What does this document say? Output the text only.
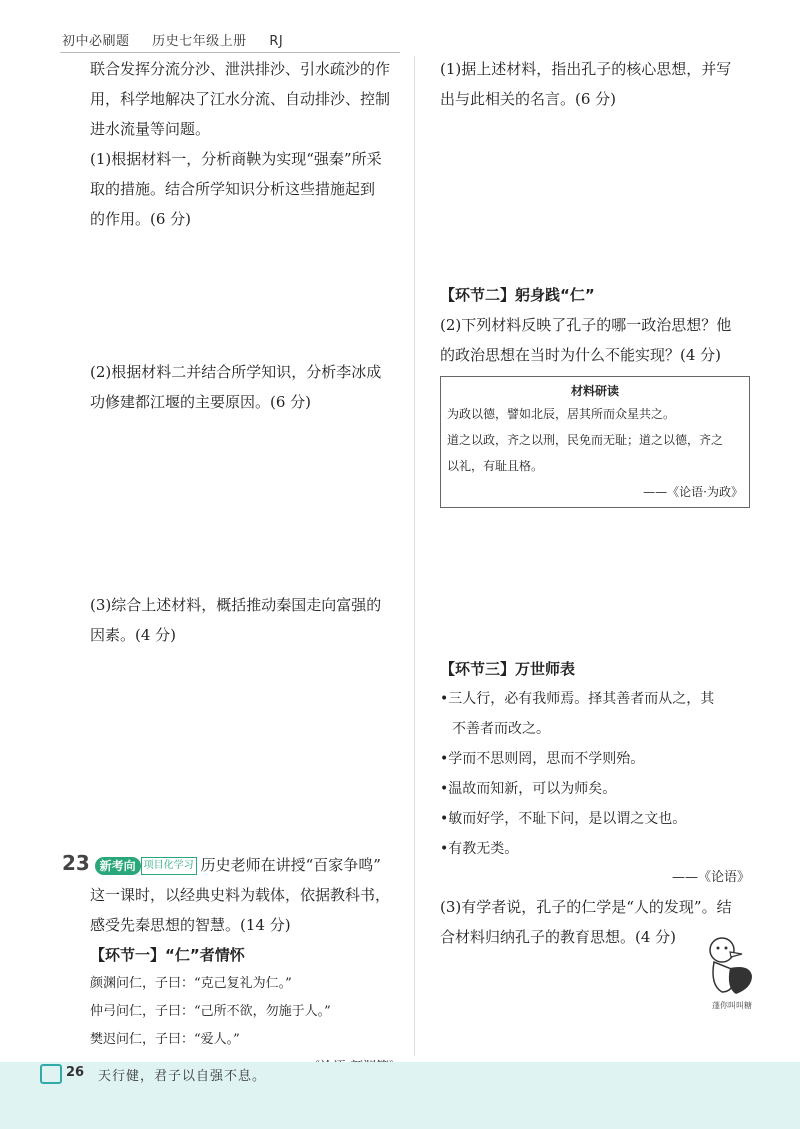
初中必刷题 历史七年级上册 RJ

联合发挥分流分沙、泄洪排沙、引水疏沙的作

用，科学地解决了江水分流、自动排沙、控制

进水流量等问题。

(1)根据材料一，分析商鞅为实现“强秦”所采

取的措施。结合所学知识分析这些措施起到

的作用。(6 分)

(2)根据材料二并结合所学知识，分析李冰成

功修建都江堰的主要原因。(6 分)

(3)综合上述材料，概括推动秦国走向富强的

因素。(4 分)

23 新考向 项目化学习 历史老师在讲授“百家争鸣”

这一课时，以经典史料为载体，依据教科书，

感受先秦思想的智慧。(14 分)

【环节一】“仁”者情怀

颜渊问仁，子曰：“克己复礼为仁。”

仲弓问仁，子曰：“己所不欲，勿施于人。”

樊迟问仁，子曰：“爱人。”

(1)据上述材料，指出孔子的核心思想，并写

出与此相关的名言。(6 分)

【环节二】躬身践“仁”

(2)下列材料反映了孔子的哪一政治思想？他

的政治思想在当时为什么不能实现？(4 分)

材料研读
为政以德，譬如北辰，居其所而众星共之。
道之以政，齐之以刑，民免而无耻；道之以德，齐之
以礼，有耻且格。
——《论语·为政》

【环节三】万世师表

•三人行，必有我师焉。择其善者而从之，其

不善者而改之。

•学而不思则罔，思而不学则殆。

•温故而知新，可以为师矣。

•敏而好学，不耻下问，是以谓之文也。

•有教无类。

——《论语》

(3)有学者说，孔子的仁学是“人的发现”。结

合材料归纳孔子的教育思想。(4 分)

蓬你叫叫糖
26 天行健，君子以自强不息。
